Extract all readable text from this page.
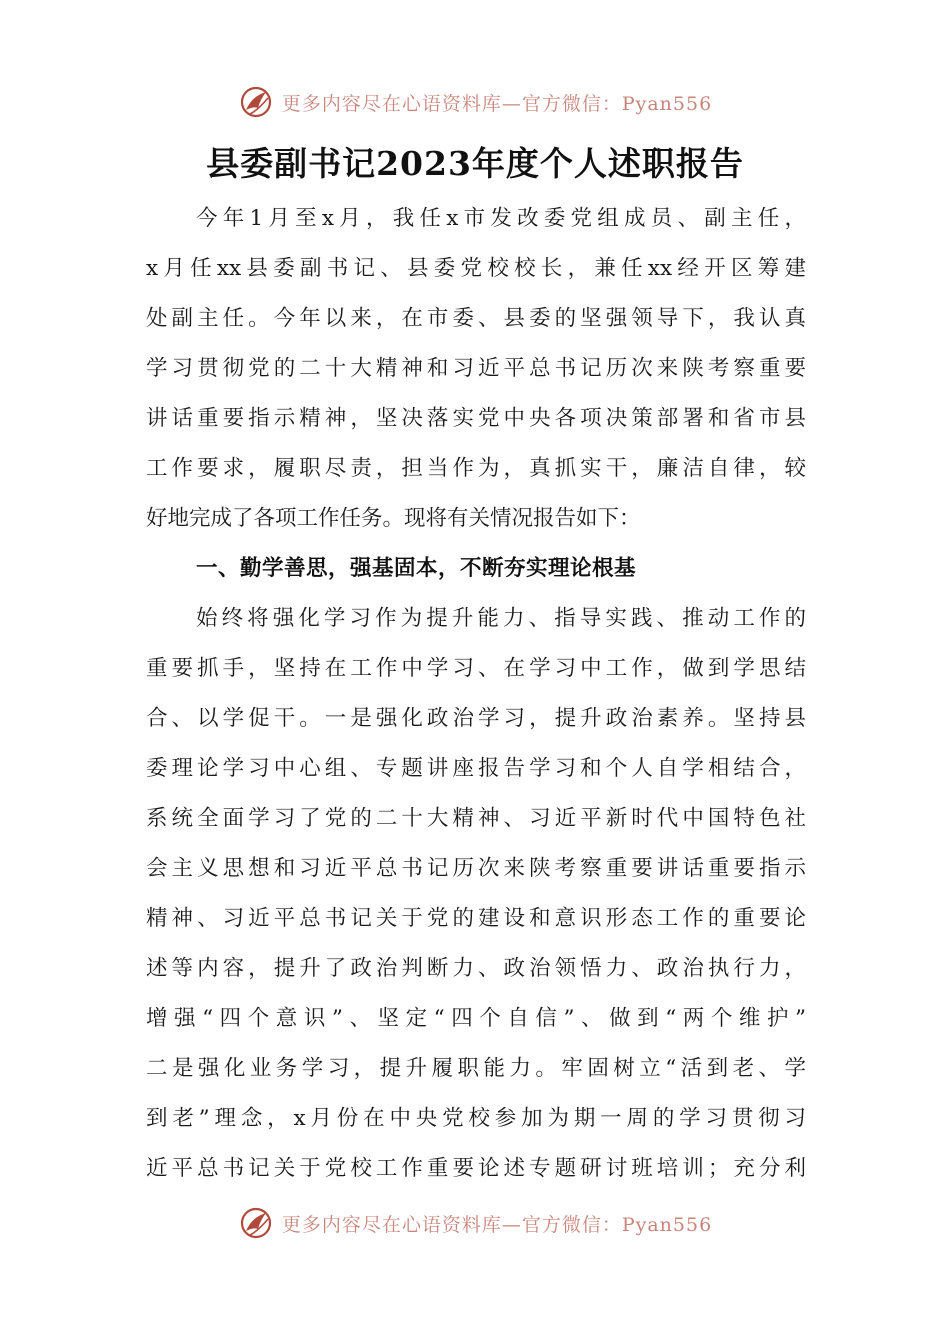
更多内容尽在心语资料库—官方微信：Pyan556
县委副书记2023年度个人述职报告
今年1月至x月，我任x市发改委党组成员、副主任，
x月任xx县委副书记、县委党校校长，兼任xx经开区筹建
处副主任。今年以来，在市委、县委的坚强领导下，我认真
学习贯彻党的二十大精神和习近平总书记历次来陕考察重要
讲话重要指示精神，坚决落实党中央各项决策部署和省市县
工作要求，履职尽责，担当作为，真抓实干，廉洁自律，较
好地完成了各项工作任务。现将有关情况报告如下：
一、勤学善思，强基固本，不断夯实理论根基
始终将强化学习作为提升能力、指导实践、推动工作的
重要抓手，坚持在工作中学习、在学习中工作，做到学思结
合、以学促干。一是强化政治学习，提升政治素养。坚持县
委理论学习中心组、专题讲座报告学习和个人自学相结合，
系统全面学习了党的二十大精神、习近平新时代中国特色社
会主义思想和习近平总书记历次来陕考察重要讲话重要指示
精神、习近平总书记关于党的建设和意识形态工作的重要论
述等内容，提升了政治判断力、政治领悟力、政治执行力，
增强“四个意识”、坚定“四个自信”、做到“两个维护”
二是强化业务学习，提升履职能力。牢固树立“活到老、学
到老”理念，x月份在中央党校参加为期一周的学习贯彻习
近平总书记关于党校工作重要论述专题研讨班培训；充分利
更多内容尽在心语资料库—官方微信：Pyan556
